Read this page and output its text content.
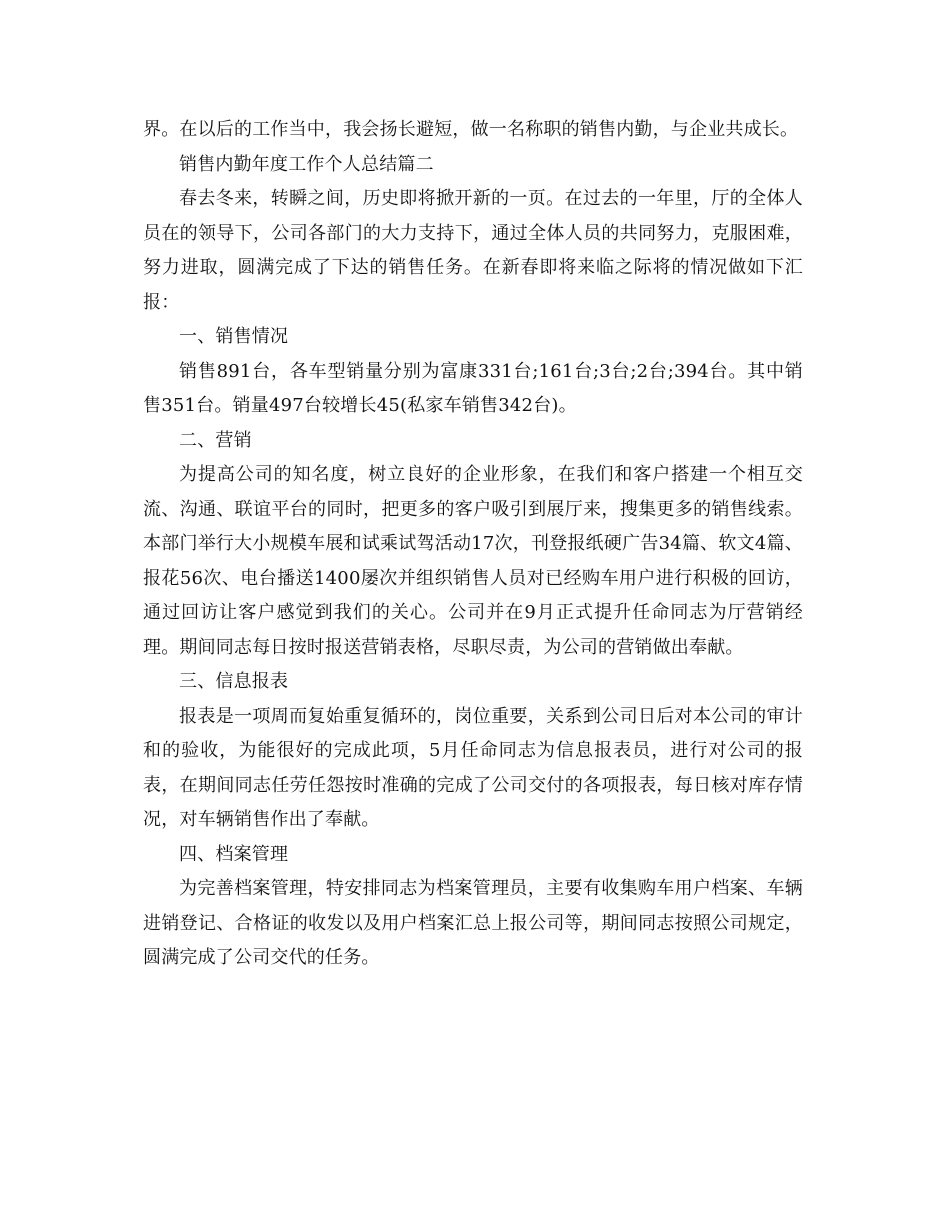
界。在以后的工作当中，我会扬长避短，做一名称职的销售内勤，与企业共成长。

销售内勤年度工作个人总结篇二

春去冬来，转瞬之间，历史即将掀开新的一页。在过去的一年里，厅的全体人员在的领导下，公司各部门的大力支持下，通过全体人员的共同努力，克服困难，努力进取，圆满完成了下达的销售任务。在新春即将来临之际将的情况做如下汇报：

一、销售情况

销售891台，各车型销量分别为富康331台;161台;3台;2台;394台。其中销售351台。销量497台较增长45(私家车销售342台)。

二、营销

为提高公司的知名度，树立良好的企业形象，在我们和客户搭建一个相互交流、沟通、联谊平台的同时，把更多的客户吸引到展厅来，搜集更多的销售线索。本部门举行大小规模车展和试乘试驾活动17次，刊登报纸硬广告34篇、软文4篇、报花56次、电台播送1400屡次并组织销售人员对已经购车用户进行积极的回访，通过回访让客户感觉到我们的关心。公司并在9月正式提升任命同志为厅营销经理。期间同志每日按时报送营销表格，尽职尽责，为公司的营销做出奉献。

三、信息报表

报表是一项周而复始重复循环的，岗位重要，关系到公司日后对本公司的审计和的验收，为能很好的完成此项，5月任命同志为信息报表员，进行对公司的报表，在期间同志任劳任怨按时准确的完成了公司交付的各项报表，每日核对库存情况，对车辆销售作出了奉献。

四、档案管理

为完善档案管理，特安排同志为档案管理员，主要有收集购车用户档案、车辆进销登记、合格证的收发以及用户档案汇总上报公司等，期间同志按照公司规定，圆满完成了公司交代的任务。
